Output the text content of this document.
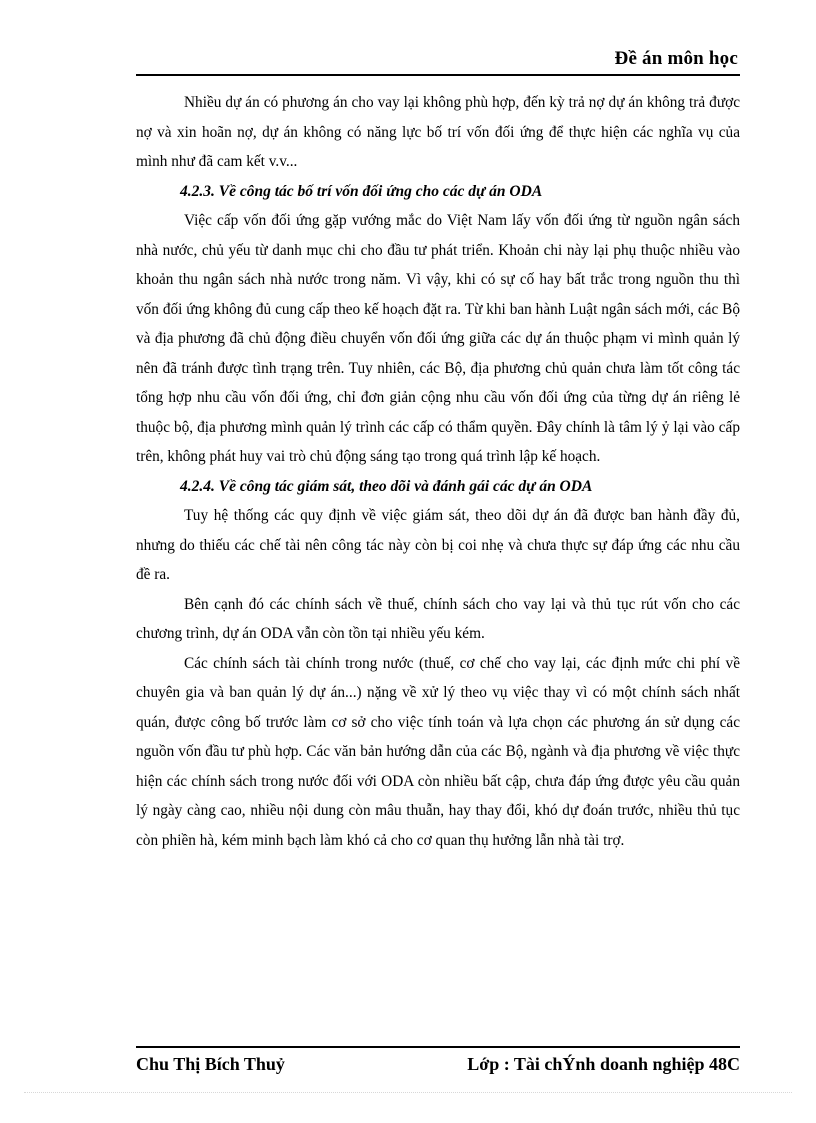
Đề án môn học

Nhiều dự án có phương án cho vay lại không phù hợp, đến kỳ trả nợ dự án không trả được nợ và xin hoãn nợ, dự án không có năng lực bố trí vốn đối ứng để thực hiện các nghĩa vụ của mình như đã cam kết v.v...

4.2.3. Về công tác bố trí vốn đối ứng cho các dự án ODA

Việc cấp vốn đối ứng gặp vướng mắc do Việt Nam lấy vốn đối ứng từ nguồn ngân sách nhà nước, chủ yếu từ danh mục chi cho đầu tư phát triển. Khoản chi này lại phụ thuộc nhiều vào khoản thu ngân sách nhà nước trong năm. Vì vậy, khi có sự cố hay bất trắc trong nguồn thu thì vốn đối ứng không đủ cung cấp theo kế hoạch đặt ra. Từ khi ban hành Luật ngân sách mới, các Bộ và địa phương đã chủ động điều chuyển vốn đối ứng giữa các dự án thuộc phạm vi mình quản lý nên đã tránh được tình trạng trên. Tuy nhiên, các Bộ, địa phương chủ quản chưa làm tốt công tác tổng hợp nhu cầu vốn đối ứng, chỉ đơn giản cộng nhu cầu vốn đối ứng của từng dự án riêng lẻ thuộc bộ, địa phương mình quản lý trình các cấp có thẩm quyền. Đây chính là tâm lý ỷ lại vào cấp trên, không phát huy vai trò chủ động sáng tạo trong quá trình lập kế hoạch.

4.2.4. Về công tác giám sát, theo dõi và đánh gái các dự án ODA

Tuy hệ thống các quy định về việc giám sát, theo dõi dự án đã được ban hành đầy đủ, nhưng do thiếu các chế tài nên công tác này còn bị coi nhẹ và chưa thực sự đáp ứng các nhu cầu đề ra.

Bên cạnh đó các chính sách về thuế, chính sách cho vay lại và thủ tục rút vốn cho các chương trình, dự án ODA vẫn còn tồn tại nhiều yếu kém.

Các chính sách tài chính trong nước (thuế, cơ chế cho vay lại, các định mức chi phí về chuyên gia và ban quản lý dự án...) nặng về xử lý theo vụ việc thay vì có một chính sách nhất quán, được công bố trước làm cơ sở cho việc tính toán và lựa chọn các phương án sử dụng các nguồn vốn đầu tư phù hợp. Các văn bản hướng dẫn của các Bộ, ngành và địa phương về việc thực hiện các chính sách trong nước đối với ODA còn nhiều bất cập, chưa đáp ứng được yêu cầu quản lý ngày càng cao, nhiều nội dung còn mâu thuẫn, hay thay đổi, khó dự đoán trước, nhiều thủ tục còn phiền hà, kém minh bạch làm khó cả cho cơ quan thụ hưởng lẫn nhà tài trợ.

Chu Thị Bích Thuỷ	Lớp : Tài chÝnh doanh nghiệp 48C
